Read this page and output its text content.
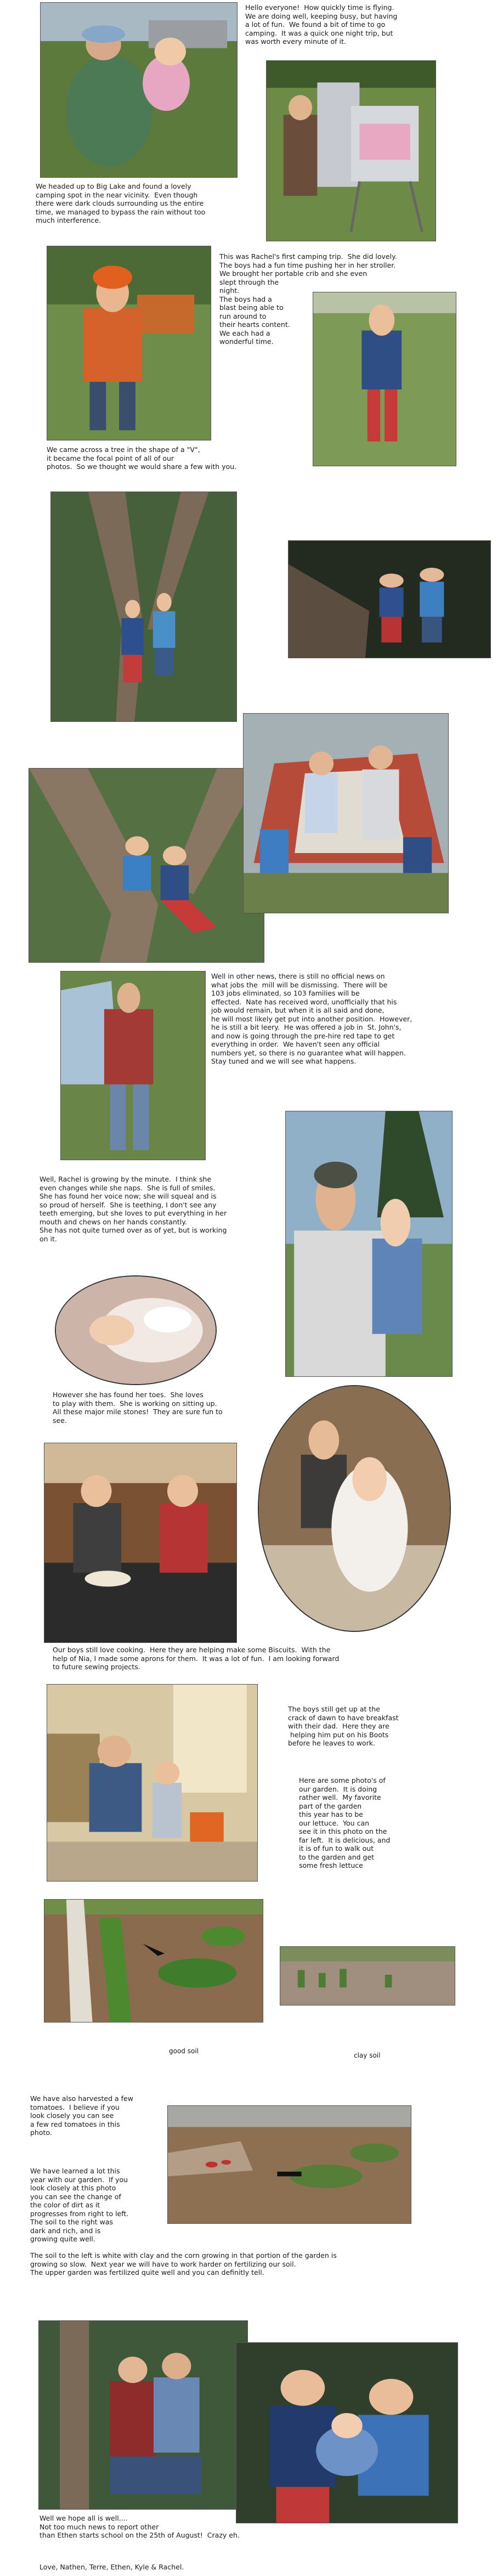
Hello everyone!  How quickly time is flying.
We are doing well, keeping busy, but having
a lot of fun.  We found a bit of time to go
camping.  It was a quick one night trip, but
was worth every minute of it.
We headed up to Big Lake and found a lovely
camping spot in the near vicinity.  Even though
there were dark clouds surrounding us the entire
time, we managed to bypass the rain without too
much interference.
This was Rachel's first camping trip.  She did lovely.
The boys had a fun time pushing her in her stroller.
We brought her portable crib and she even
slept through the
night.
The boys had a
blast being able to
run around to
their hearts content.
We each had a
wonderful time.
We came across a tree in the shape of a "V",
it became the focal point of all of our
photos.  So we thought we would share a few with you.
Well in other news, there is still no official news on
what jobs the  mill will be dismissing.  There will be
103 jobs eliminated, so 103 families will be
effected.  Nate has received word, unofficially that his
job would remain, but when it is all said and done,
he will most likely get put into another position.  However,
he is still a bit leery.  He was offered a job in  St. John's,
and now is going through the pre-hire red tape to get
everything in order.  We haven't seen any official
numbers yet, so there is no guarantee what will happen.
Stay tuned and we will see what happens.
Well, Rachel is growing by the minute.  I think she
even changes while she naps.  She is full of smiles.
She has found her voice now; she will squeal and is
so proud of herself.  She is teething, I don't see any
teeth emerging, but she loves to put everything in her
mouth and chews on her hands constantly.
She has not quite turned over as of yet, but is working
on it.
However she has found her toes.  She loves
to play with them.  She is working on sitting up.
All these major mile stones!  They are sure fun to
see.
Our boys still love cooking.  Here they are helping make some Biscuits.  With the
help of Nia, I made some aprons for them.  It was a lot of fun.  I am looking forward
to future sewing projects.
The boys still get up at the
crack of dawn to have breakfast
with their dad.  Here they are
helping him put on his Boots
before he leaves to work.
Here are some photo's of
our garden.  It is doing
rather well.  My favorite
part of the garden
this year has to be
our lettuce.  You can
see it in this photo on the
far left.  It is delicious, and
it is of fun to walk out
to the garden and get
some fresh lettuce
good soil
clay soil
We have also harvested a few
tomatoes.  I believe if you
look closely you can see
a few red tomatoes in this
photo.
We have learned a lot this
year with our garden.  If you
look closely at this photo
you can see the change of
the color of dirt as it
progresses from right to left.
The soil to the right was
dark and rich, and is
growing quite well.
The soil to the left is white with clay and the corn growing in that portion of the garden is
growing so slow.  Next year we will have to work harder on fertilizing our soil.
The upper garden was fertilized quite well and you can definitly tell.
Well we hope all is well....
Not too much news to report other
than Ethen starts school on the 25th of August!  Crazy eh.
Love, Nathen, Terre, Ethen, Kyle & Rachel.
